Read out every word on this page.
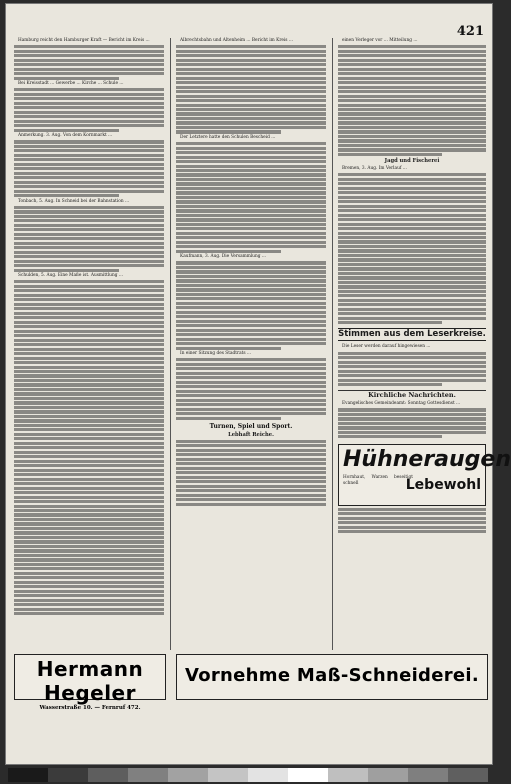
421
Hamburg reicht den Hamburger Kraft — Bericht im Kreis ...
Bei Kreisstadt ... Gewerbe ... Kirche ... Schule ...
Anmerkung. 3. Aug. Von dem Kornmarkt ...
Tonbach, 5. Aug. In Schneid bei der Bahnstation ...
Schulden, 5. Aug. Eine Maße ist. Ausmittlung ...
Albrechtsbahn und Altenheim ... Bericht im Kreis ...
Der Letztere hatte den Schulen Bescheid ...
Kaufmann, 3. Aug. Die Versammlung ...
In einer Sitzung des Stadtrats ...
Turnen, Spiel und Sport.
Lebhaft Reiche.
einen Verleger vor ... Mitteilung ...
Jagd und Fischerei
Bremen, 3. Aug. Im Verlauf ...
Stimmen aus dem Leserkreise.
Die Leser werden darauf hingewiesen ...
Kirchliche Nachrichten.
Evangelisches Gemeindeamt: Sonntag Gottesdienst ...
Hühneraugen
Hornhaut, Warzen beseitigt schnell	Lebewohl
Hermann Hegeler
Wasserstraße 10. — Fernruf 472.
Vornehme Maß-Schneiderei.
